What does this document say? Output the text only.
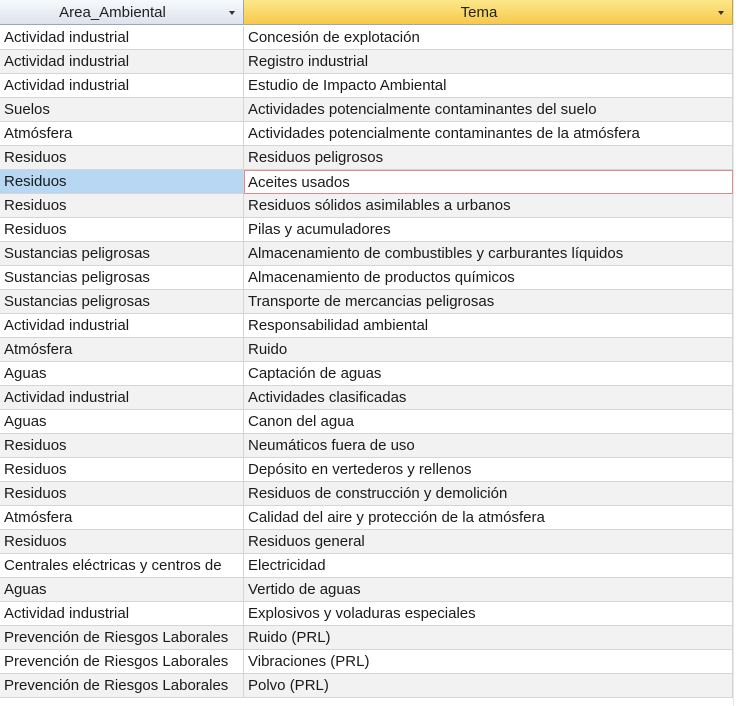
Area_Ambiental	Tema
Actividad industrial	Concesión de explotación
Actividad industrial	Registro industrial
Actividad industrial	Estudio de Impacto Ambiental
Suelos	Actividades potencialmente contaminantes del suelo
Atmósfera	Actividades potencialmente contaminantes de la atmósfera
Residuos	Residuos peligrosos
Residuos	Aceites usados
Residuos	Residuos sólidos asimilables a urbanos
Residuos	Pilas y acumuladores
Sustancias peligrosas	Almacenamiento de combustibles y carburantes líquidos
Sustancias peligrosas	Almacenamiento de productos químicos
Sustancias peligrosas	Transporte de mercancias peligrosas
Actividad industrial	Responsabilidad ambiental
Atmósfera	Ruido
Aguas	Captación de aguas
Actividad industrial	Actividades clasificadas
Aguas	Canon del agua
Residuos	Neumáticos fuera de uso
Residuos	Depósito en vertederos y rellenos
Residuos	Residuos de construcción y demolición
Atmósfera	Calidad del aire y protección de la atmósfera
Residuos	Residuos general
Centrales eléctricas y centros de	Electricidad
Aguas	Vertido de aguas
Actividad industrial	Explosivos y voladuras especiales
Prevención de Riesgos Laborales	Ruido (PRL)
Prevención de Riesgos Laborales	Vibraciones (PRL)
Prevención de Riesgos Laborales	Polvo (PRL)
